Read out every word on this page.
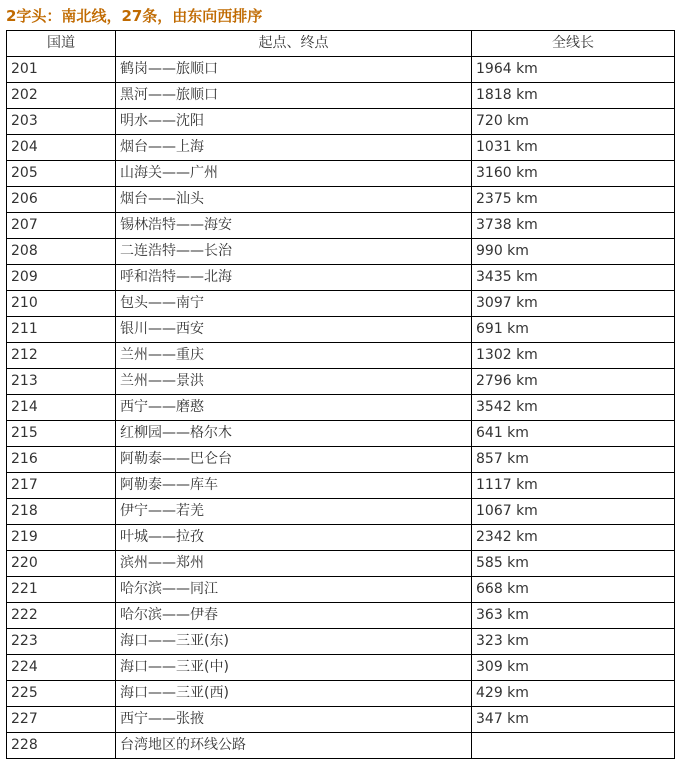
2字头：南北线，27条，由东向西排序
国道	起点、终点	全线长
201	鹤岗——旅顺口	1964 km
202	黑河——旅顺口	1818 km
203	明水——沈阳	720 km
204	烟台——上海	1031 km
205	山海关——广州	3160 km
206	烟台——汕头	2375 km
207	锡林浩特——海安	3738 km
208	二连浩特——长治	990 km
209	呼和浩特——北海	3435 km
210	包头——南宁	3097 km
211	银川——西安	691 km
212	兰州——重庆	1302 km
213	兰州——景洪	2796 km
214	西宁——磨憨	3542 km
215	红柳园——格尔木	641 km
216	阿勒泰——巴仑台	857 km
217	阿勒泰——库车	1117 km
218	伊宁——若羌	1067 km
219	叶城——拉孜	2342 km
220	滨州——郑州	585 km
221	哈尔滨——同江	668 km
222	哈尔滨——伊春	363 km
223	海口——三亚(东)	323 km
224	海口——三亚(中)	309 km
225	海口——三亚(西)	429 km
227	西宁——张掖	347 km
228	台湾地区的环线公路	
